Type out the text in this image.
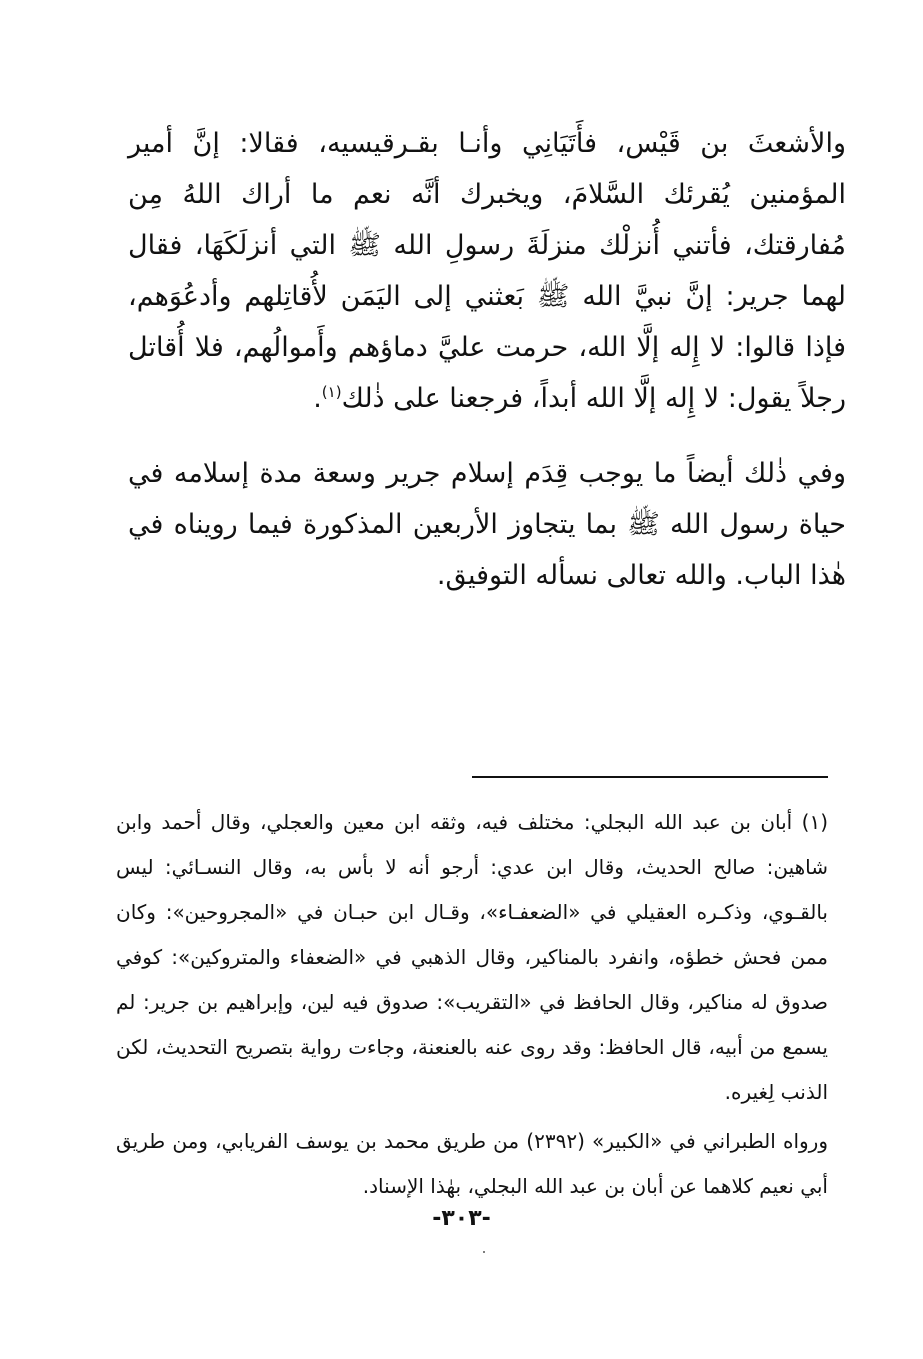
والأشعثَ بن قَيْس، فأَتَيَانِي وأنـا بقـرقيسيه، فقالا: إنَّ أمير المؤمنين يُقرئك السَّلامَ، ويخبرك أنَّه نعم ما أراك اللهُ مِن مُفارقتك، فأتني أُنزلْك منزلَةَ رسولِ الله ﷺ التي أنزلَكَهَا، فقال لهما جرير: إنَّ نبيَّ الله ﷺ بَعثني إلى اليَمَن لأُقاتِلهم وأدعُوَهم، فإذا قالوا: لا إِله إلَّا الله، حرمت عليَّ دماؤهم وأَموالُهم، فلا أُقاتل رجلاً يقول: لا إِله إلَّا الله أبداً، فرجعنا على ذٰلك$^{(١)}$.

وفي ذٰلك أيضاً ما يوجب قِدَم إسلام جرير وسعة مدة إسلامه في حياة رسول الله ﷺ بما يتجاوز الأربعين المذكورة فيما رويناه في هٰذا الباب. والله تعالى نسأله التوفيق.

(١) أبان بن عبد الله البجلي: مختلف فيه، وثقه ابن معين والعجلي، وقال أحمد وابن شاهين: صالح الحديث، وقال ابن عدي: أرجو أنه لا بأس به، وقال النسـائي: ليس بالقـوي، وذكـره العقيلي في «الضعفـاء»، وقـال ابن حبـان في «المجروحين»: وكان ممن فحش خطؤه، وانفرد بالمناكير، وقال الذهبي في «الضعفاء والمتروكين»: كوفي صدوق له مناكير، وقال الحافظ في «التقريب»: صدوق فيه لين، وإبراهيم بن جرير: لم يسمع من أبيه، قال الحافظ: وقد روى عنه بالعنعنة، وجاءت رواية بتصريح التحديث، لكن الذنب لِغيره.

ورواه الطبراني في «الكبير» (٢٣٩٢) من طريق محمد بن يوسف الفريابي، ومن طريق أبي نعيم كلاهما عن أبان بن عبد الله البجلي، بهٰذا الإسناد.

-٣٠٣-
